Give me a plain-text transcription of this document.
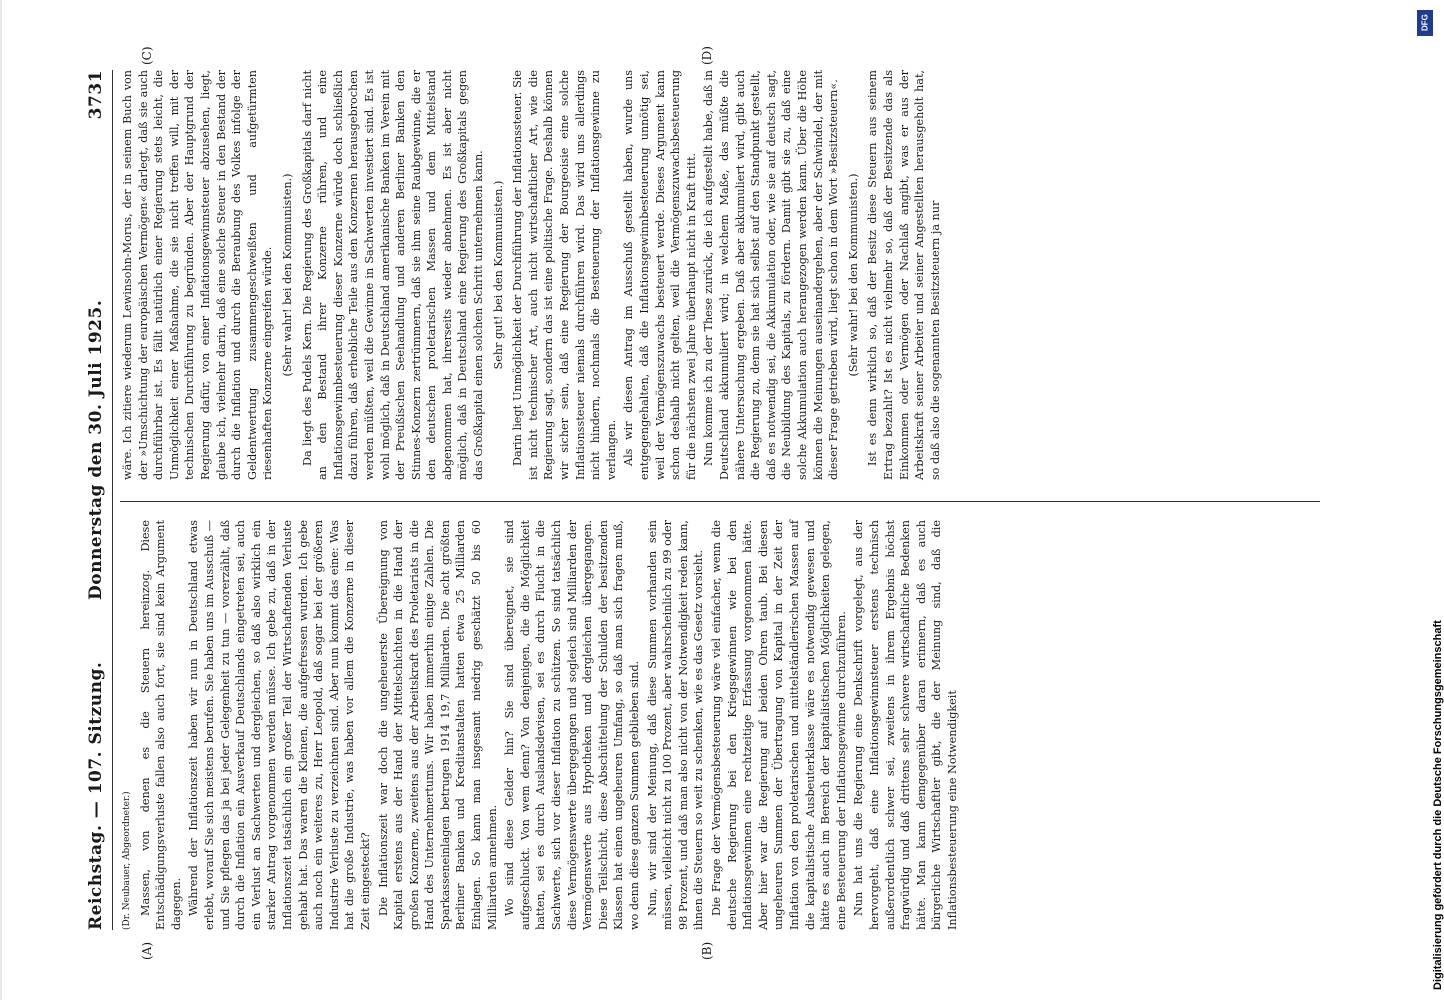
Reichstag. — 107. Sitzung.
Donnerstag den 30. Juli 1925.
3731
(A)	(B)
(C)	(D)

(Dr. Neubauer, Abgeordneter.) Massen, von denen es die Steuern hereinzog. Diese Entschädigungsverluste fallen also auch fort, sie sind kein Argument dagegen. Während der Inflationszeit haben wir nun in Deutschland etwas erlebt, worauf Sie sich meistens berufen. Sie haben uns im Ausschuß — und Sie pflegen das ja bei jeder Gelegenheit zu tun — vorerzählt, daß durch die Inflation ein Ausverkauf Deutschlands eingetreten sei, auch ein Verlust an Sachwerten und dergleichen, so daß also wirklich ein starker Antrag vorgenommen werden müsse. Ich gebe zu, daß in der Inflationszeit tatsächlich ein großer Teil der Wirtschaftenden Verluste gehabt hat. Das waren die Kleinen, die aufgefressen wurden. Ich gebe auch noch ein weiteres zu, Herr Leopold, daß sogar bei der größeren Industrie Verluste zu verzeichnen sind. Aber nun kommt das eine: Was hat die große Industrie, was haben vor allem die Konzerne in dieser Zeit eingesteckt? Die Inflationszeit war doch die ungeheuerste Übereignung von Kapital erstens aus der Hand der Mittelschichten in die Hand der großen Konzerne, zweitens aus der Arbeitskraft des Proletariats in die Hand des Unternehmertums. Wir haben immerhin einige Zahlen. Die Sparkasseneinlagen betrugen 1914 19,7 Milliarden. Die acht größten Berliner Banken und Kreditanstalten hatten etwa 25 Milliarden Einlagen. So kann man insgesamt niedrig geschätzt 50 bis 60 Milliarden annehmen. Wo sind diese Gelder hin? Sie sind übereignet, sie sind aufgeschluckt. Von wem denn? Von denjenigen, die die Möglichkeit hatten, sei es durch Auslandsdevisen, sei es durch Flucht in die Sachwerte, sich vor dieser Inflation zu schützen. So sind tatsächlich diese Vermögenswerte übergegangen und sogleich sind Milliarden der Vermögenswerte aus Hypotheken und dergleichen übergegangen. Diese Teilschicht, diese Abschüttelung der Schulden der besitzenden Klassen hat einen ungeheuren Umfang, so daß man sich fragen muß, wo denn diese ganzen Summen geblieben sind. Nun, wir sind der Meinung, daß diese Summen vorhanden sein müssen, vielleicht nicht zu 100 Prozent, aber wahrscheinlich zu 99 oder 98 Prozent, und daß man also nicht von der Notwendigkeit reden kann, ihnen die Steuern so weit zu schenken, wie es das Gesetz vorsieht. Die Frage der Vermögensbesteuerung wäre viel einfacher, wenn die deutsche Regierung bei den Kriegsgewinnen wie bei den Inflationsgewinnen eine rechtzeitige Erfassung vorgenommen hätte. Aber hier war die Regierung auf beiden Ohren taub. Bei diesen ungeheuren Summen der Übertragung von Kapital in der Zeit der Inflation von den proletarischen und mittelständlerischen Massen auf die kapitalistische Ausbeuterklasse wäre es notwendig gewesen und hätte es auch im Bereich der kapitalistischen Möglichkeiten gelegen, eine Besteuerung der Inflationsgewinne durchzuführen. Nun hat uns die Regierung eine Denkschrift vorgelegt, aus der hervorgeht, daß eine Inflationsgewinnsteuer erstens technisch außerordentlich schwer sei, zweitens in ihrem Ergebnis höchst fragwürdig und daß drittens sehr schwere wirtschaftliche Bedenken hätte. Man kann demgegenüber daran erinnern, daß es auch bürgerliche Wirtschaftler gibt, die der Meinung sind, daß die Inflationsbesteuerung eine Notwendigkeit

wäre. Ich zitiere wiederum Lewinsohn-Morus, der in seinem Buch von der »Umschichtung der europäischen Vermögen« darlegt, daß sie auch durchführbar ist. Es fällt natürlich einer Regierung stets leicht, die Unmöglichkeit einer Maßnahme, die sie nicht treffen will, mit der technischen Durchführung zu begründen. Aber der Hauptgrund der Regierung dafür, von einer Inflationsgewinnsteuer abzusehen, liegt, glaube ich, vielmehr darin, daß eine solche Steuer in den Bestand der durch die Inflation und durch die Beraubung des Volkes infolge der Geldentwertung zusammengeschweißten und aufgetürmten riesenhaften Konzerne eingreifen würde. (Sehr wahr! bei den Kommunisten.) Da liegt des Pudels Kern. Die Regierung des Großkapitals darf nicht an den Bestand ihrer Konzerne rühren, und eine Inflationsgewinnbesteuerung dieser Konzerne würde doch schließlich dazu führen, daß erhebliche Teile aus den Konzernen herausgebrochen werden müßten, weil die Gewinne in Sachwerten investiert sind. Es ist wohl möglich, daß in Deutschland amerikanische Banken im Verein mit der Preußischen Seehandlung und anderen Berliner Banken den Stinnes-Konzern zertrümmern, daß sie ihm seine Raubgewinne, die er den deutschen proletarischen Massen und dem Mittelstand abgenommen hat, ihrerseits wieder abnehmen. Es ist aber nicht möglich, daß in Deutschland eine Regierung des Großkapitals gegen das Großkapital einen solchen Schritt unternehmen kann. Sehr gut! bei den Kommunisten.) Darin liegt Unmöglichkeit der Durchführung der Inflationssteuer. Sie ist nicht technischer Art, auch nicht wirtschaftlicher Art, wie die Regierung sagt, sondern das ist eine politische Frage. Deshalb können wir sicher sein, daß eine Regierung der Bourgeoisie eine solche Inflationssteuer niemals durchführen wird. Das wird uns allerdings nicht hindern, nochmals die Besteuerung der Inflationsgewinne zu verlangen. Als wir diesen Antrag im Ausschuß gestellt haben, wurde uns entgegengehalten, daß die Inflationsgewinnbesteuerung unnötig sei, weil der Vermögenszuwachs besteuert werde. Dieses Argument kann schon deshalb nicht gelten, weil die Vermögenszuwachsbesteuerung für die nächsten zwei Jahre überhaupt nicht in Kraft tritt. Nun komme ich zu der These zurück, die ich aufgestellt habe, daß in Deutschland akkumuliert wird; in welchem Maße, das müßte die nähere Untersuchung ergeben. Daß aber akkumuliert wird, gibt auch die Regierung zu, denn sie hat sich selbst auf den Standpunkt gestellt, daß es notwendig sei, die Akkumulation oder, wie sie auf deutsch sagt, die Neubildung des Kapitals, zu fördern. Damit gibt sie zu, daß eine solche Akkumulation auch herangezogen werden kann. Über die Höhe können die Meinungen auseinandergehen, aber der Schwindel, der mit dieser Frage getrieben wird, liegt schon in dem Wort »Besitzsteuern«. (Sehr wahr! bei den Kommunisten.) Ist es denn wirklich so, daß der Besitz diese Steuern aus seinem Ertrag bezahlt? Ist es nicht vielmehr so, daß der Besitzende das als Einkommen oder Vermögen oder Nachlaß angibt, was er aus der Arbeitskraft seiner Arbeiter und seiner Angestellten herausgeholt hat, so daß also die sogenannten Besitzsteuern ja nur

DFG
Digitalisierung gefördert durch die Deutsche Forschungsgemeinschaft
